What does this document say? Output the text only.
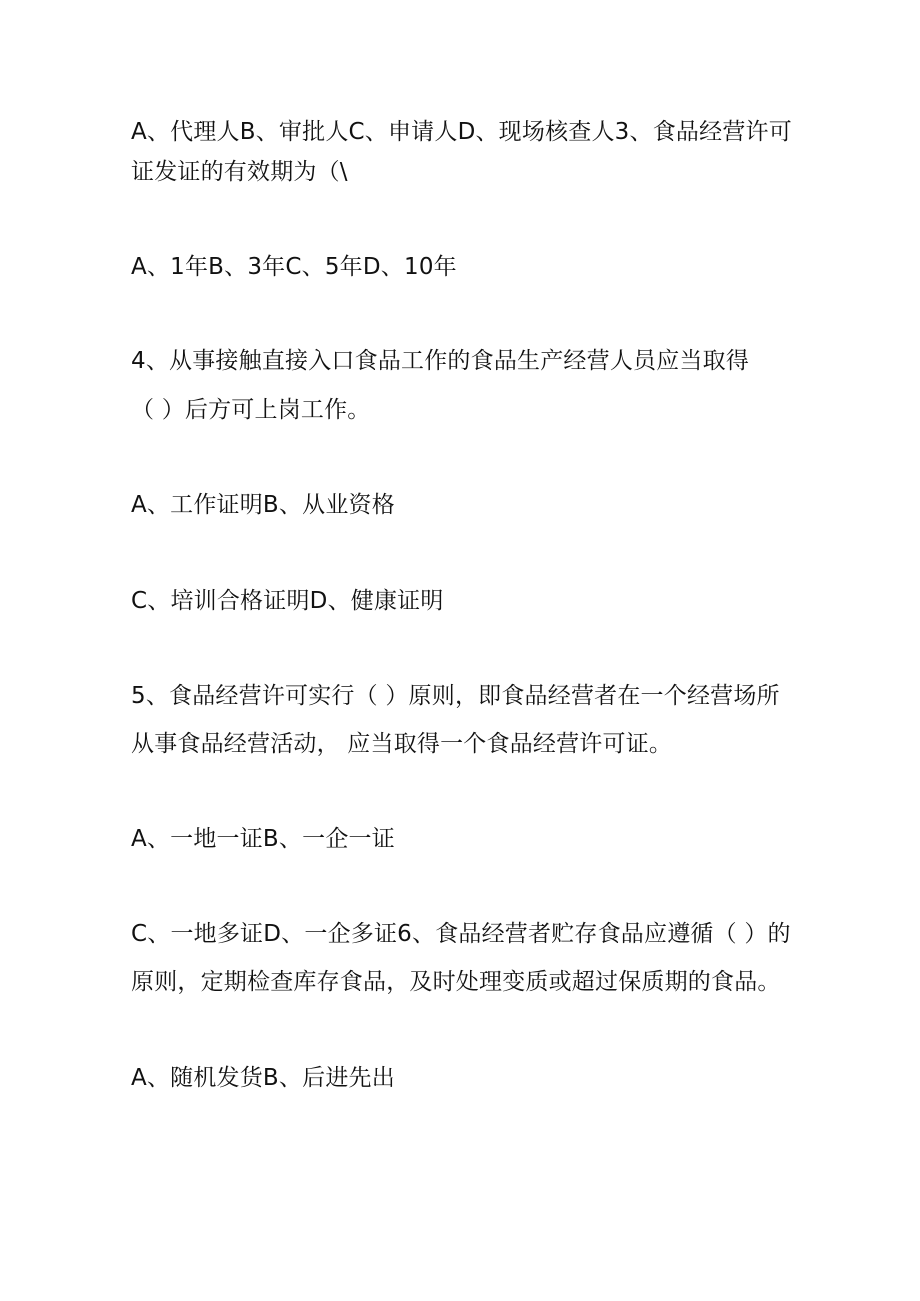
A、代理人B、审批人C、申请人D、现场核查人3、食品经营许可

证发证的有效期为（\

A、1年B、3年C、5年D、10年

4、从事接触直接入口食品工作的食品生产经营人员应当取得

（ ）后方可上岗工作。

A、工作证明B、从业资格

C、培训合格证明D、健康证明

5、食品经营许可实行（ ）原则，即食品经营者在一个经营场所

从事食品经营活动， 应当取得一个食品经营许可证。

A、一地一证B、一企一证

C、一地多证D、一企多证6、食品经营者贮存食品应遵循（ ）的

原则，定期检查库存食品，及时处理变质或超过保质期的食品。

A、随机发货B、后进先出
